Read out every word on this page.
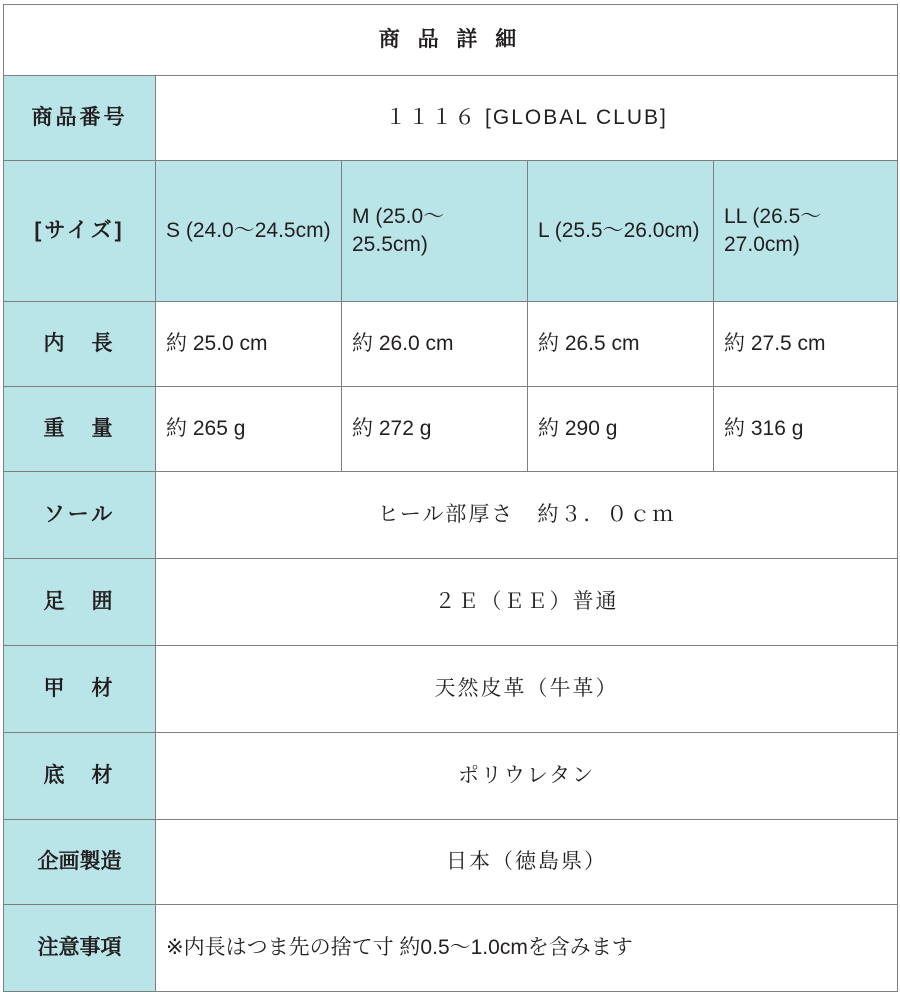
商 品 詳 細				
商品番号	１１１６ [GLOBAL CLUB]			
[サイズ]	S (24.0～24.5cm)	M (25.0～25.5cm)	L (25.5～26.0cm)	LL (26.5～27.0cm)
内　長	約 25.0 cm	約 26.0 cm	約 26.5 cm	約 27.5 cm
重　量	約 265 g	約 272 g	約 290 g	約 316 g
ソール	ヒール部厚さ　約３．０ｃｍ			
足　囲	２Ｅ（ＥＥ）普通			
甲　材	天然皮革（牛革）			
底　材	ポリウレタン			
企画製造	日本（徳島県）			
注意事項	※内長はつま先の捨て寸 約0.5～1.0cmを含みます			
